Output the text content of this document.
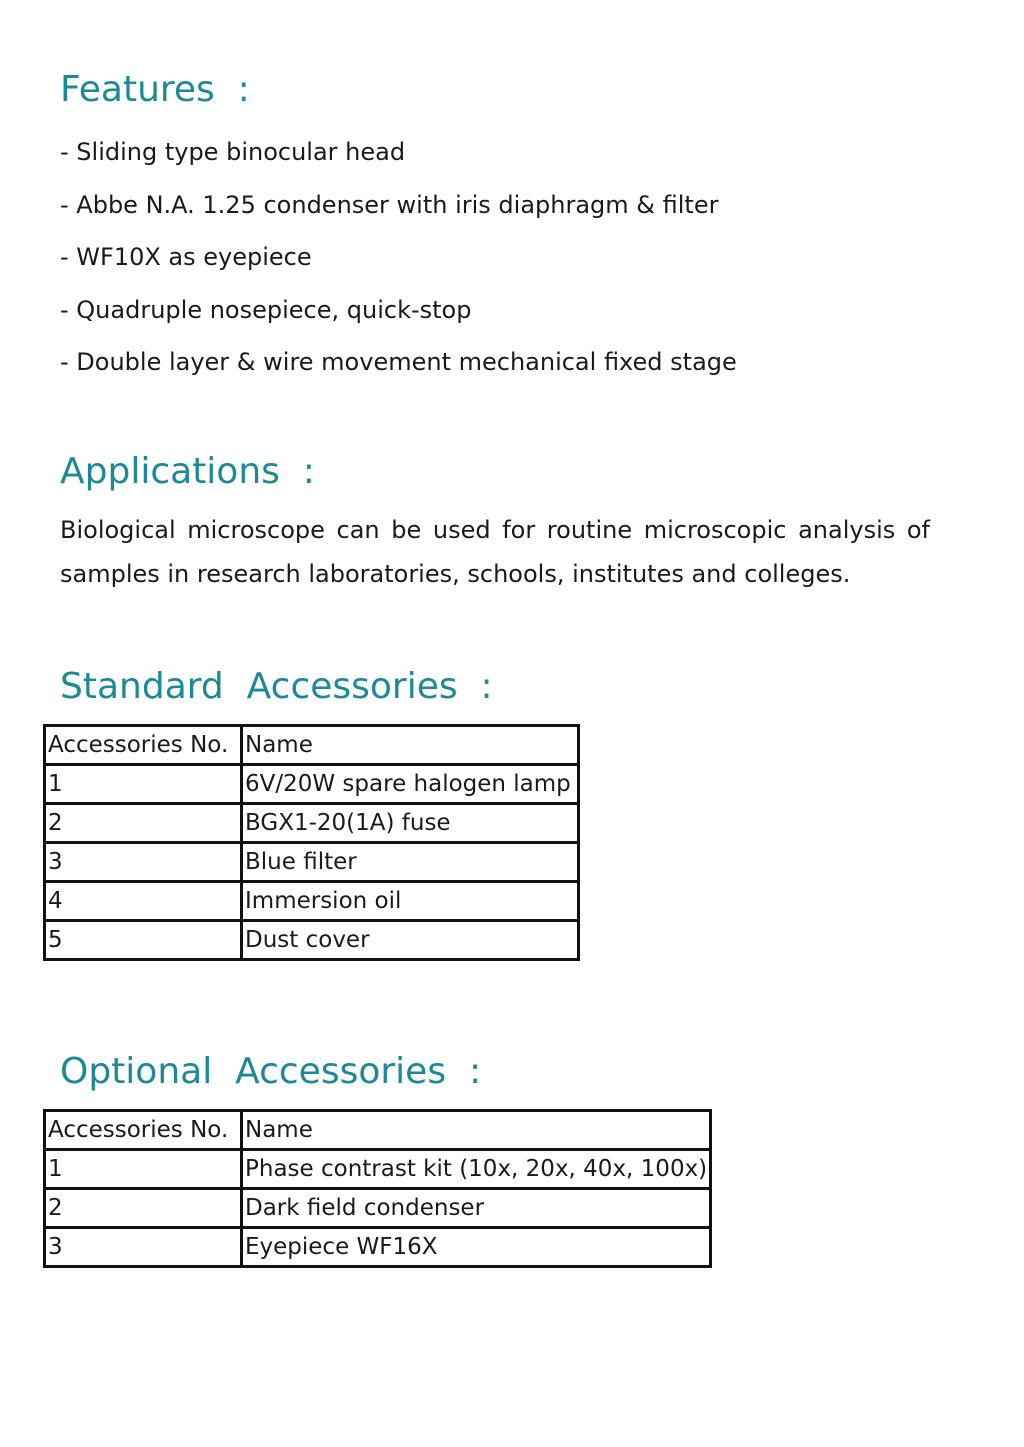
Features  :
- Sliding type binocular head
- Abbe N.A. 1.25 condenser with iris diaphragm & filter
- WF10X as eyepiece
- Quadruple nosepiece, quick-stop
- Double layer & wire movement mechanical fixed stage
Applications  :

Biological microscope can be used for routine microscopic analysis of samples in research laboratories, schools, institutes and colleges.

Standard  Accessories  :
Accessories No.	Name
1	6V/20W spare halogen lamp
2	BGX1-20(1A) fuse
3	Blue filter
4	Immersion oil
5	Dust cover
Optional  Accessories  :
Accessories No.	Name
1	Phase contrast kit (10x, 20x, 40x, 100x)
2	Dark field condenser
3	Eyepiece WF16X
